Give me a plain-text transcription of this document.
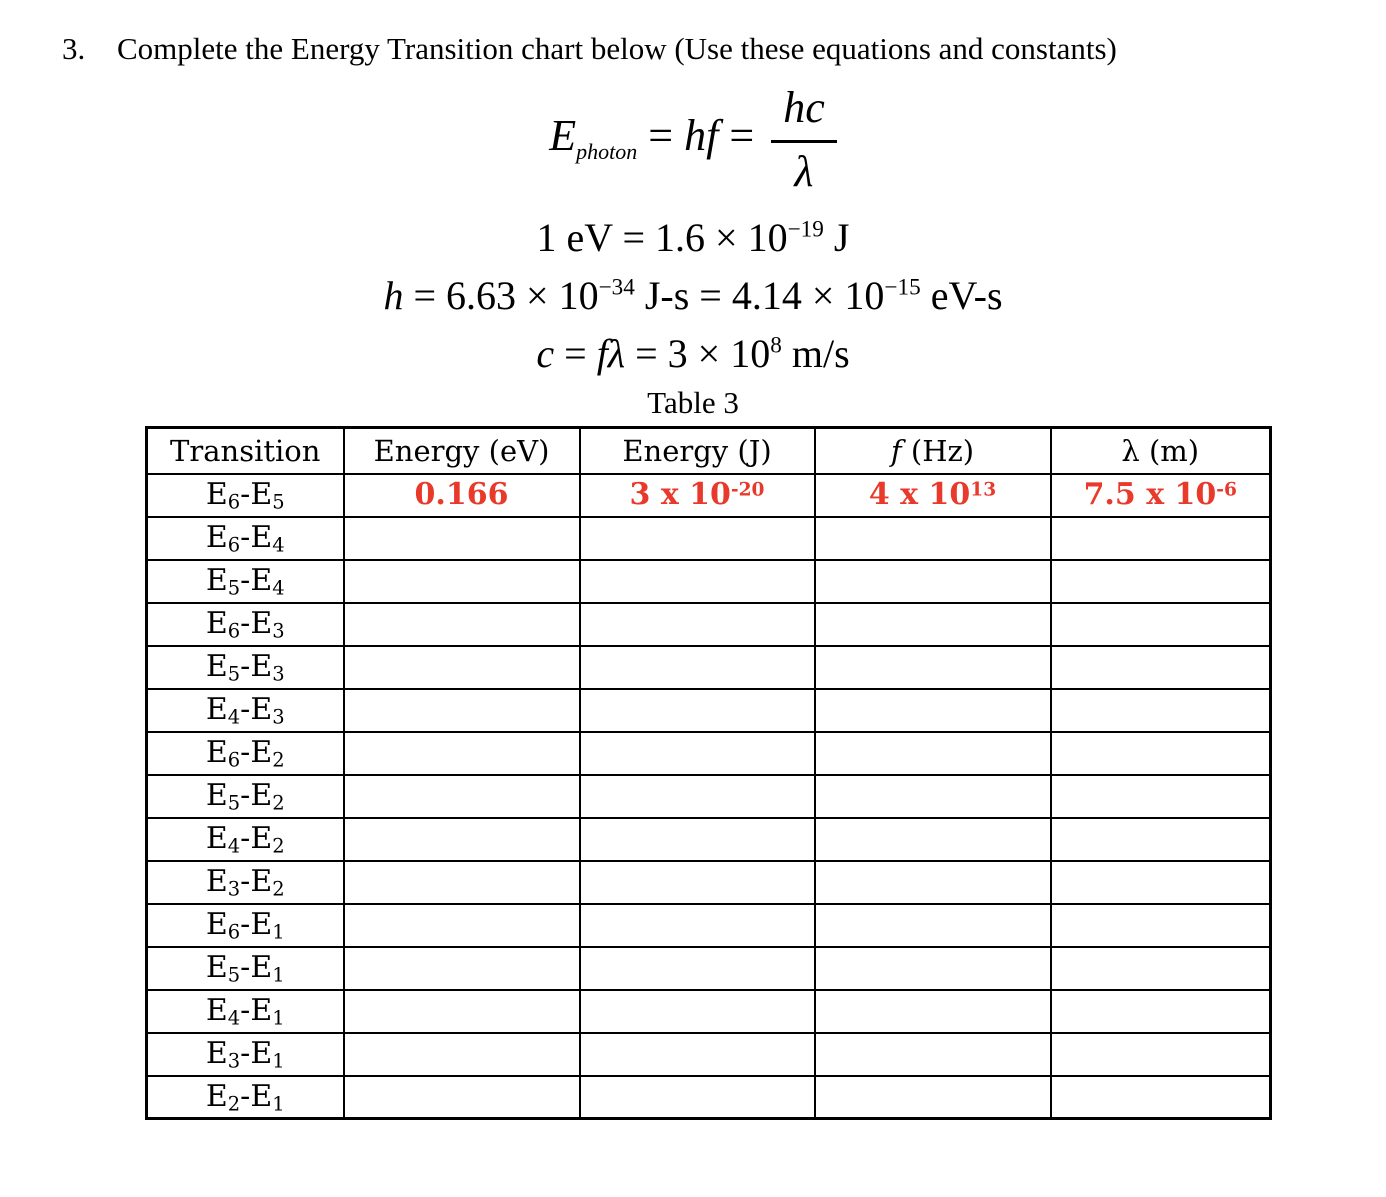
3.	Complete the Energy Transition chart below (Use these equations and constants)
$E_{photon}$ = hf = $\frac{hc}{\lambda}$
1 eV = $1.6 \times 10^{-19}$ J
$h = 6.63 \times 10^{-34}$ $J-s = 4.14 \times 10^{-15}$ eV-s
$c = f\lambda = 3 \times 10^8$ m/s
Table 3
Transition	Energy (eV)	Energy (J)	f (Hz)	λ (m)
$E_6-E_5$	0.166	3 x $10^{-20}$	4 x $10^{13}$	7.5 x $10^{-6}$
$E_6-E_4$				
$E_5-E_4$				
$E_6-E_3$				
$E_5-E_3$				
$E_4-E_3$				
$E_6-E_2$				
$E_5-E_2$				
$E_4-E_2$				
$E_3-E_2$				
$E_6-E_1$				
$E_5-E_1$				
$E_4-E_1$				
$E_3-E_1$				
$E_2-E_1$				
